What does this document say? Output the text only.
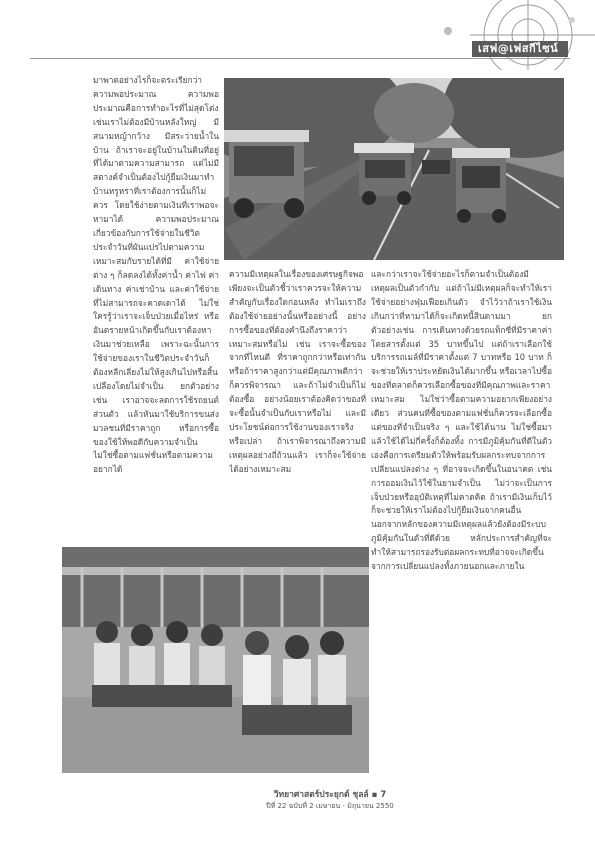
เสฟ@เฟสกีไซน์

มาพาดอย่างไรก็จะตระเรียกว่า ความพอประมาณ ความพอประมาณคือการทำอะไรที่ไม่สุดโต่ง เช่นเราไม่ต้องมีบ้านหลังใหญ่ มีสนามหญ้ากว้าง มีสระว่ายน้ำในบ้าน ถ้าเราจะอยู่ในบ้านในดินที่อยู่ที่ได้มาตามความสามารถ แต่ไม่มีสตางค์จำเป็นต้องไปกู้ยืมเงินมาทำบ้านหรูหราที่เราต้องการนั้นก็ไม่ควร โดยใช้ง่ายตามเงินที่เราพอจะหามาได้ ความพอประมาณเกี่ยวข้องกับการใช้จ่ายในชีวิตประจำวันที่ผันแปรไปตามความเหมาะสมกับรายได้ที่มี ค่าใช้จ่ายต่าง ๆ ก็ลดลงได้ทั้งค่าน้ำ ค่าไฟ ค่าเดินทาง ค่าเช่าบ้าน และค่าใช้จ่ายที่ไม่สามารถจะคาดเดาได้ ไม่ใช่ใครรู้ว่าเราจะเจ็บป่วยเมื่อไหร่ หรืออันตรายหน้าเกิดขึ้นกับเราต้องหาเงินมาช่วยเหลือ เพราะฉะนั้นการใช้จ่ายของเราในชีวิตประจำวันก็ต้องหลีกเลี่ยงไม่ให้สูงเกินไปหรือสิ้นเปลืองโดยไม่จำเป็น ยกตัวอย่างเช่น เราอาจจะลดการใช้รถยนต์ส่วนตัว แล้วหันมาใช้บริการขนส่งมวลชนที่มีราคาถูก หรือการซื้อของใช้ให้พอดีกับความจำเป็น ไม่ใช่ซื้อตามแฟชั่นหรือตามความอยากได้

ความมีเหตุผลในเรื่องของเศรษฐกิจพอเพียงจะเป็นตัวชี้ว่าเราควรจะให้ความสำคัญกับเรื่องใดก่อนหลัง ทำไมเราถึงต้องใช้จ่ายอย่างนั้นหรืออย่างนี้ อย่างการซื้อของที่ต้องคำนึงถึงราคาว่าเหมาะสมหรือไม่ เช่น เราจะซื้อของจากที่ไหนดี ที่ราคาถูกกว่าหรือเท่ากัน หรือถ้าราคาสูงกว่าแต่มีคุณภาพดีกว่าก็ควรพิจารณา และถ้าไม่จำเป็นก็ไม่ต้องซื้อ อย่างน้อยเราต้องคิดว่าของที่จะซื้อนั้นจำเป็นกับเราหรือไม่ และมีประโยชน์ต่อการใช้งานของเราจริงหรือเปล่า ถ้าเราพิจารณาถึงความมีเหตุผลอย่างถี่ถ้วนแล้ว เราก็จะใช้จ่ายได้อย่างเหมาะสม

และกว่าเราจะใช้จ่ายอะไรก็ตามจำเป็นต้องมีเหตุผลเป็นตัวกำกับ แต่ถ้าไม่มีเหตุผลก็จะทำให้เราใช้จ่ายอย่างฟุ่มเฟือยเกินตัว จำไว้ว่าถ้าเราใช้เงินเกินกว่าที่หามาได้ก็จะเกิดหนี้สินตามมา ยกตัวอย่างเช่น การเดินทางด้วยรถแท็กซี่ที่มีราคาค่าโดยสารตั้งแต่ 35 บาทขึ้นไป แต่ถ้าเราเลือกใช้บริการรถเมล์ที่มีราคาตั้งแต่ 7 บาทหรือ 10 บาท ก็จะช่วยให้เราประหยัดเงินได้มากขึ้น หรือเวลาไปซื้อของที่ตลาดก็ควรเลือกซื้อของที่มีคุณภาพและราคาเหมาะสม ไม่ใช่ว่าซื้อตามความอยากเพียงอย่างเดียว ส่วนคนที่ซื้อของตามแฟชั่นก็ควรจะเลือกซื้อแต่ของที่จำเป็นจริง ๆ และใช้ได้นาน ไม่ใช่ซื้อมาแล้วใช้ได้ไม่กี่ครั้งก็ต้องทิ้ง การมีภูมิคุ้มกันที่ดีในตัวเองคือการเตรียมตัวให้พร้อมรับผลกระทบจากการเปลี่ยนแปลงต่าง ๆ ที่อาจจะเกิดขึ้นในอนาคต เช่น การออมเงินไว้ใช้ในยามจำเป็น ไม่ว่าจะเป็นการเจ็บป่วยหรืออุบัติเหตุที่ไม่คาดคิด ถ้าเรามีเงินเก็บไว้ก็จะช่วยให้เราไม่ต้องไปกู้ยืมเงินจากคนอื่น นอกจากหลักของความมีเหตุผลแล้วยังต้องมีระบบภูมิคุ้มกันในตัวที่ดีด้วย หลักประการสำคัญที่จะทำให้สามารถรองรับต่อผลกระทบที่อาจจะเกิดขึ้นจากการเปลี่ยนแปลงทั้งภายนอกและภายใน

วิทยาศาสตร์ประยุกต์ ชุลล์ ▪ 7
ปีที่ 22 ฉบับที่ 2 เมษายน - มิถุนายน 2550
